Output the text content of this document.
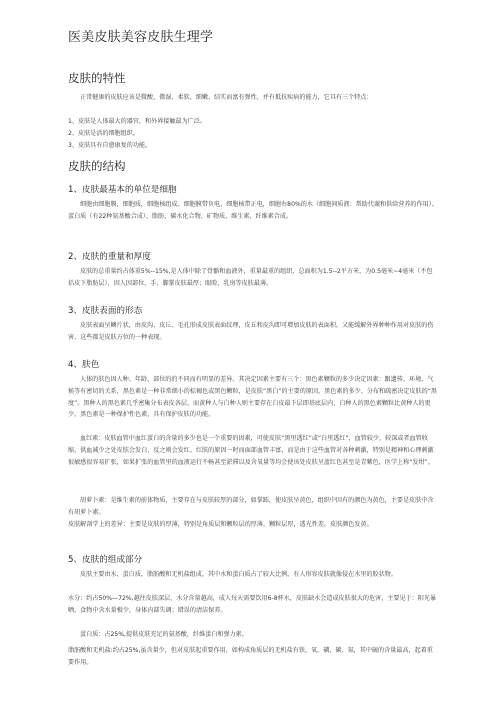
医美皮肤美容皮肤生理学
皮肤的特性
正常健康的皮肤应该是微酸、微湿、柔软、细嫩、结实而富有弹性，并有抵抗疾病的能力，它具有三个特点：
1、皮肤是人体最大的器官，和外界接触最为广泛。
2、皮肤是活的细胞组织。
3、皮肤具有自愈康复的功能。
皮肤的结构
1、皮肤最基本的单位是细胞
细胞由细胞膜，细胞质，细胞核组成。细胞膜带负电，细胞核带正电，细胞右80%的水（细胞间质液：帮助代谢和供给营养的作用）、蛋白质（有22种氨基酸合成）、脂肪、碳水化合物、矿物质、维生素、纤维素合成。
2、皮肤的重量和厚度
皮肤的总重量约占体重5%--15%,是人体中除了骨骼和血液外，重量最重的组织，总面积为1.5--2平方米，为0.5毫米~4毫米（不包括皮下脂肪层），因人因部位，手、脚掌皮肤最厚；眼睑、乳房等皮肤最薄。
3、皮肤表面的形态
皮肤表面呈鳞片状，由皮沟、皮丘、毛孔形成皮肤表面纹理，皮丘和皮沟即可增加皮肤的表面积，又能缓解外界种种作用对皮肤的伤害，这些都是皮肤方位的一种表现。
4、肤色
人体的肤色因人种、年龄、部位的的不同而有明显的差异。其决定因素主要有三个：黑色素颗粒的多少决定因素：跟遗传、环境、气候等有密切的关系，黑色素是一种非常细小的棕褐色或黑色颗粒，是皮肤“黑白”的主要的原因，黑色素的多少、分布和疏密决定皮肤的“黑度”。黑种人的黑色素几乎密集分布表皮各层，而黄种人与白种人则主要存在白皮最下层即基底层内，白种人的黑色素颗粒比黄种人的更少。黑色素是一种保护性色素，具有保护皮肤的功能。
血红素：皮肤血管中血红蛋白的含量的多少也是一个重要的因素，可使皮肤“黑里透红”或“白里透红”，血管较少，较深或者血管收缩，供血减少之处皮肤会发白，反之则会发红。红肤的原因一时而面部血管丰富，而是由于这些血管对各种刺激，特别是精神和心理刺激很敏感很容易扩张，如果扩张的血管里的血液运行不畅甚至淤滞以及含氧量等均会使该处皮肤呈蓝红色甚至是青紫色，医学上称“发绀”。
胡萝卜素：是维生素的前体物质，主要存在与皮肤较厚的部分，如掌跖，使皮肤呈黄色，组织中因有的颜色为黄色，主要是皮肤中含有胡萝卜素。
皮肤解剖学上的差异：主要是皮肤的厚薄，特别是角质层和颗粒层的厚薄，颗粒层厚，透光性差，皮肤颜色发黄。
5、皮肤的组成部分
皮肤主要由水、蛋白质、脂肪酸和无机盐组成，其中水和蛋白质占了较大比例，有人形容皮肤就像侵在水里的胶状物。
水分：约占50%—72%,越往皮肤深层，水分含量越高，成人每天需要饮用6-8杯水，皮肤缺水会造成皮肤很大的危害，主要见于：阳光暴晒，食物中含水量极少，身体内部失调；错误的清洁保养。
蛋白质：占25%,提供皮肤充足的氨基酸，纤维蛋白和弹力素。
脂肪酸和无机盐:约占25%,虽含量少，但对皮肤起重要作用，如构成角质层的无机盐有铁、氧、磷、碳、氮，其中硫的含量最高，起着重要作用。
